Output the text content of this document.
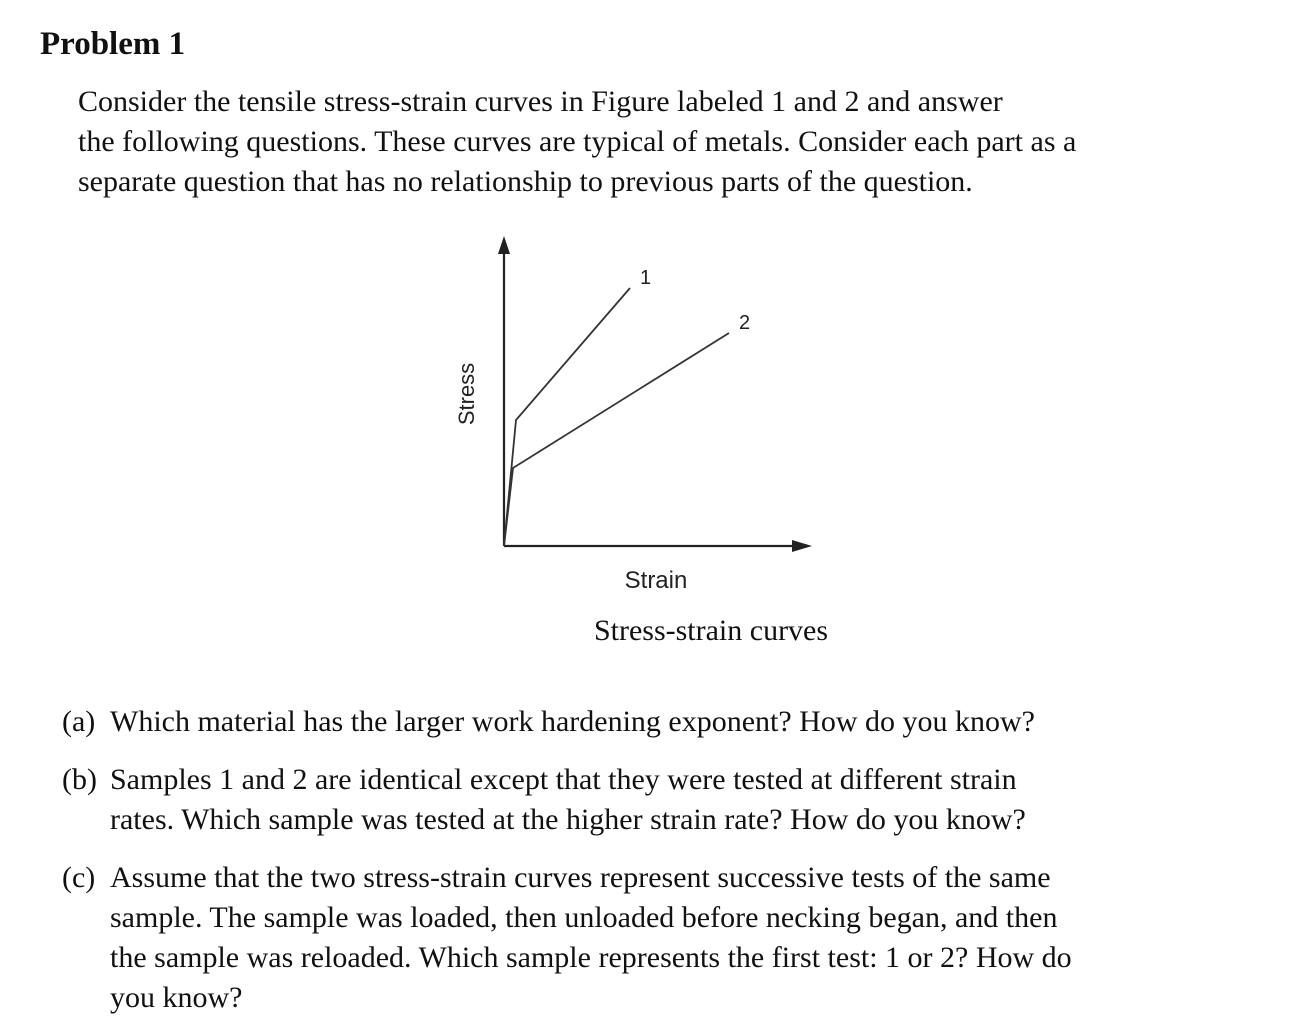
Problem 1
Consider the tensile stress-strain curves in Figure labeled 1 and 2 and answer
the following questions. These curves are typical of metals. Consider each part as a
separate question that has no relationship to previous parts of the question.
Strain
Stress
1
2
Stress-strain curves
(a) Which material has the larger work hardening exponent? How do you know?
(b) Samples 1 and 2 are identical except that they were tested at different strain
rates. Which sample was tested at the higher strain rate? How do you know?
(c) Assume that the two stress-strain curves represent successive tests of the same
sample. The sample was loaded, then unloaded before necking began, and then
the sample was reloaded. Which sample represents the first test: 1 or 2? How do
you know?
